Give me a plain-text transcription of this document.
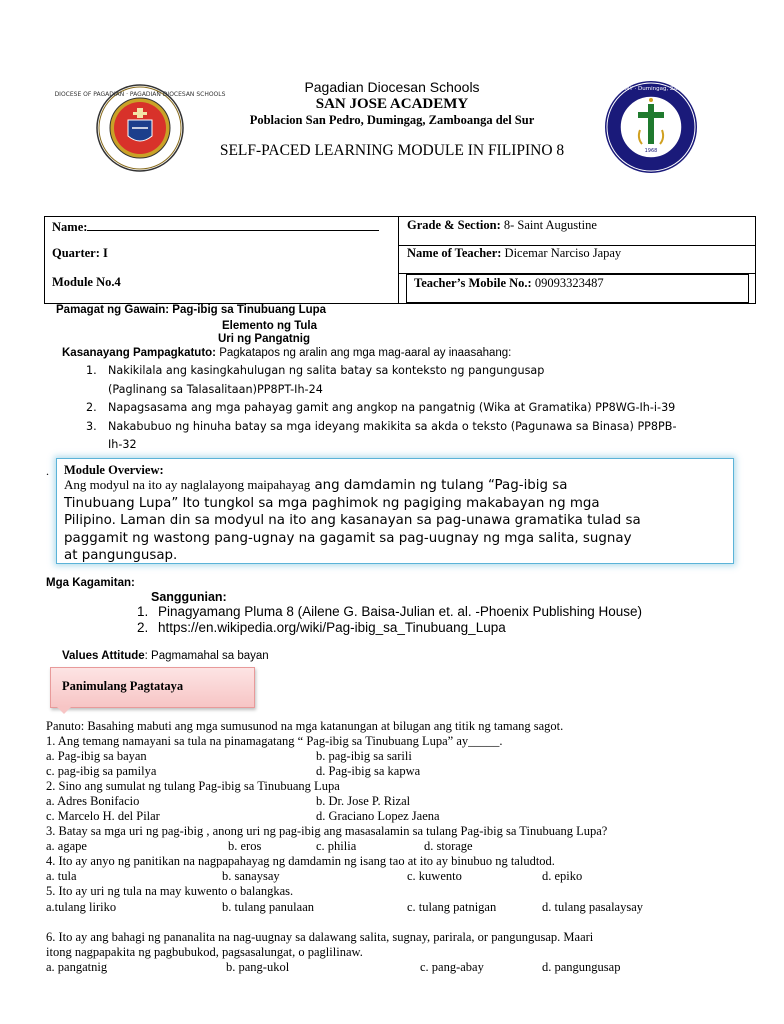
Pagadian Diocesan Schools
SAN JOSE ACADEMY
Poblacion San Pedro, Dumingag, Zamboanga del Sur
SELF-PACED LEARNING MODULE IN FILIPINO 8
DIOCESE OF PAGADIAN · PAGADIAN DIOCESAN SCHOOLS
1968
SAN JOSE ACADEMY · Dumingag, Zamboanga del Sur
Name:
Quarter: I
Module No.4
Grade & Section: 8- Saint Augustine
Name of Teacher: Dicemar Narciso Japay
Teacher’s Mobile No.: 09093323487
Pamagat ng Gawain: Pag-ibig sa Tinubuang Lupa
Elemento ng Tula
Uri ng Pangatnig
Kasanayang Pampagkatuto: Pagkatapos ng aralin ang mga mag-aaral ay inaasahang:
1. Nakikilala ang kasingkahulugan ng salita batay sa konteksto ng pangungusap
(Paglinang sa Talasalitaan)PP8PT-Ih-24
2. Napagsasama ang mga pahayag gamit ang angkop na pangatnig (Wika at Gramatika) PP8WG-Ih-i-39
3. Nakabubuo ng hinuha batay sa mga ideyang makikita sa akda o teksto (Pagunawa sa Binasa) PP8PB-
Ih-32
. Module Overview:
Ang modyul na ito ay naglalayong maipahayag ang damdamin ng tulang “Pag-ibig sa
Tinubuang Lupa” Ito tungkol sa mga paghimok ng pagiging makabayan ng mga
Pilipino. Laman din sa modyul na ito ang kasanayan sa pag-unawa gramatika tulad sa
paggamit ng wastong pang-ugnay na gagamit sa pag-uugnay ng mga salita, sugnay
at pangungusap.
Mga Kagamitan:
Sanggunian:
1. Pinagyamang Pluma 8 (Ailene G. Baisa-Julian et. al. -Phoenix Publishing House)
2. https://en.wikipedia.org/wiki/Pag-ibig_sa_Tinubuang_Lupa
Values Attitude: Pagmamahal sa bayan
Panimulang Pagtataya
Panuto: Basahing mabuti ang mga sumusunod na mga katanungan at bilugan ang titik ng tamang sagot.
1. Ang temang namayani sa tula na pinamagatang “ Pag-ibig sa Tinubuang Lupa” ay_____.
a. Pag-ibig sa bayan	b. pag-ibig sa sarili
c. pag-ibig sa pamilya	d. Pag-ibig sa kapwa
2. Sino ang sumulat ng tulang Pag-ibig sa Tinubuang Lupa
a. Adres Bonifacio	b. Dr. Jose P. Rizal
c. Marcelo H. del Pilar	d. Graciano Lopez Jaena
3. Batay sa mga uri ng pag-ibig , anong uri ng pag-ibig ang masasalamin sa tulang Pag-ibig sa Tinubuang Lupa?
a. agape	b. eros	c. philia	d. storage
4. Ito ay anyo ng panitikan na nagpapahayag ng damdamin ng isang tao at ito ay binubuo ng taludtod.
a. tula	b. sanaysay	c. kuwento	d. epiko
5. Ito ay uri ng tula na may kuwento o balangkas.
a.tulang liriko	b. tulang panulaan	c. tulang patnigan	d. tulang pasalaysay
6. Ito ay ang bahagi ng pananalita na nag-uugnay sa dalawang salita, sugnay, parirala, or pangungusap. Maari
itong nagpapakita ng pagbubukod, pagsasalungat, o paglilinaw.
a. pangatnig	b. pang-ukol	c. pang-abay	d. pangungusap
